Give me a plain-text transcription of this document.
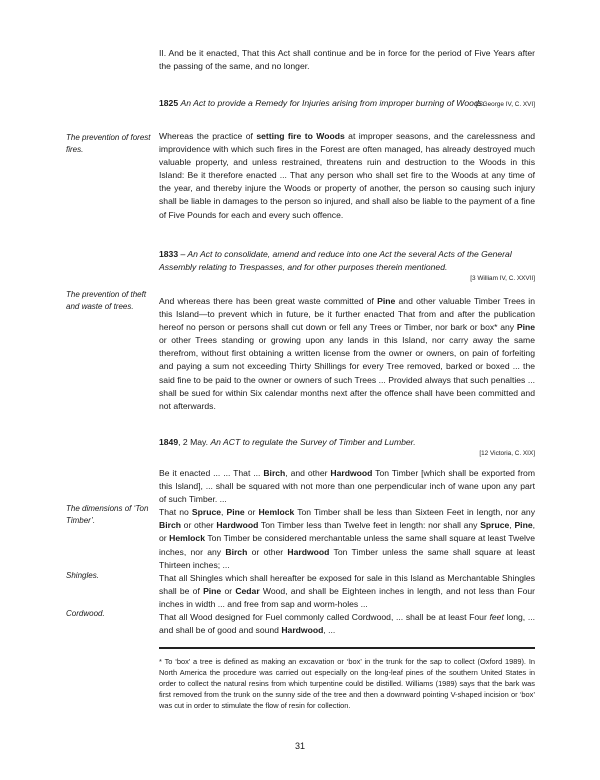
II. And be it enacted, That this Act shall continue and be in force for the period of Five Years after the passing of the same, and no longer.

1825 An Act to provide a Remedy for Injuries arising from improper burning of Woods.

[5 George IV, C. XVI]

The prevention of forest fires.

Whereas the practice of setting fire to Woods at improper seasons, and the carelessness and improvidence with which such fires in the Forest are often managed, has already destroyed much valuable property, and unless restrained, threatens ruin and destruction to the Woods in this Island: Be it therefore enacted ... That any person who shall set fire to the Woods at any time of the year, and thereby injure the Woods or property of another, the person so causing such injury shall be liable in damages to the person so injured, and shall also be liable to the payment of a fine of Five Pounds for each and every such offence.

1833 – An Act to consolidate, amend and reduce into one Act the several Acts of the General Assembly relating to Trespasses, and for other purposes therein mentioned.

[3 William IV, C. XXVII]

The prevention of theft and waste of trees.	And whereas there has been great waste committed of Pine and other valuable Timber Trees in this Island—to prevent which in future, be it further enacted That from and after the publication hereof no person or persons shall cut down or fell any Trees or Timber, nor bark or box* any Pine or other Trees standing or growing upon any lands in this Island, nor carry away the same therefrom, without first obtaining a written license from the owner or owners, on pain of forfeiting and paying a sum not exceeding Thirty Shillings for every Tree removed, barked or boxed ... the said fine to be paid to the owner or owners of such Trees ... Provided always that such penalties ... shall be sued for within Six calendar months next after the offence shall have been committed and not afterwards.

1849, 2 May. An ACT to regulate the Survey of Timber and Lumber.

[12 Victoria, C. XIX]

Be it enacted ... ... That ... Birch, and other Hardwood Ton Timber [which shall be exported from this Island], ... shall be squared with not more than one perpendicular inch of wane upon any part of such Timber. ...

That no Spruce, Pine or Hemlock Ton Timber shall be less than Sixteen Feet in length, nor any Birch or other Hardwood Ton Timber less than Twelve feet in length: nor shall any Spruce, Pine, or Hemlock Ton Timber be considered merchantable unless the same shall square at least Twelve inches, nor any Birch or other Hardwood Ton Timber unless the same shall square at least Thirteen inches; ...

That all Shingles which shall hereafter be exposed for sale in this Island as Merchantable Shingles shall be of Pine or Cedar Wood, and shall be Eighteen inches in length, and not less than Four inches in width ... and free from sap and worm-holes ...

That all Wood designed for Fuel commonly called Cordwood, ... shall be at least Four feet long, ... and shall be of good and sound Hardwood, ...

The dimensions of ‘Ton Timber’.

Shingles.

Cordwood.

* To ‘box’ a tree is defined as making an excavation or ‘box’ in the trunk for the sap to collect (Oxford 1989). In North America the procedure was carried out especially on the long-leaf pines of the southern United States in order to collect the natural resins from which turpentine could be distilled. Williams (1989) says that the bark was first removed from the trunk on the sunny side of the tree and then a downward pointing V-shaped incision or ‘box’ was cut in order to stimulate the flow of resin for collection.

31
